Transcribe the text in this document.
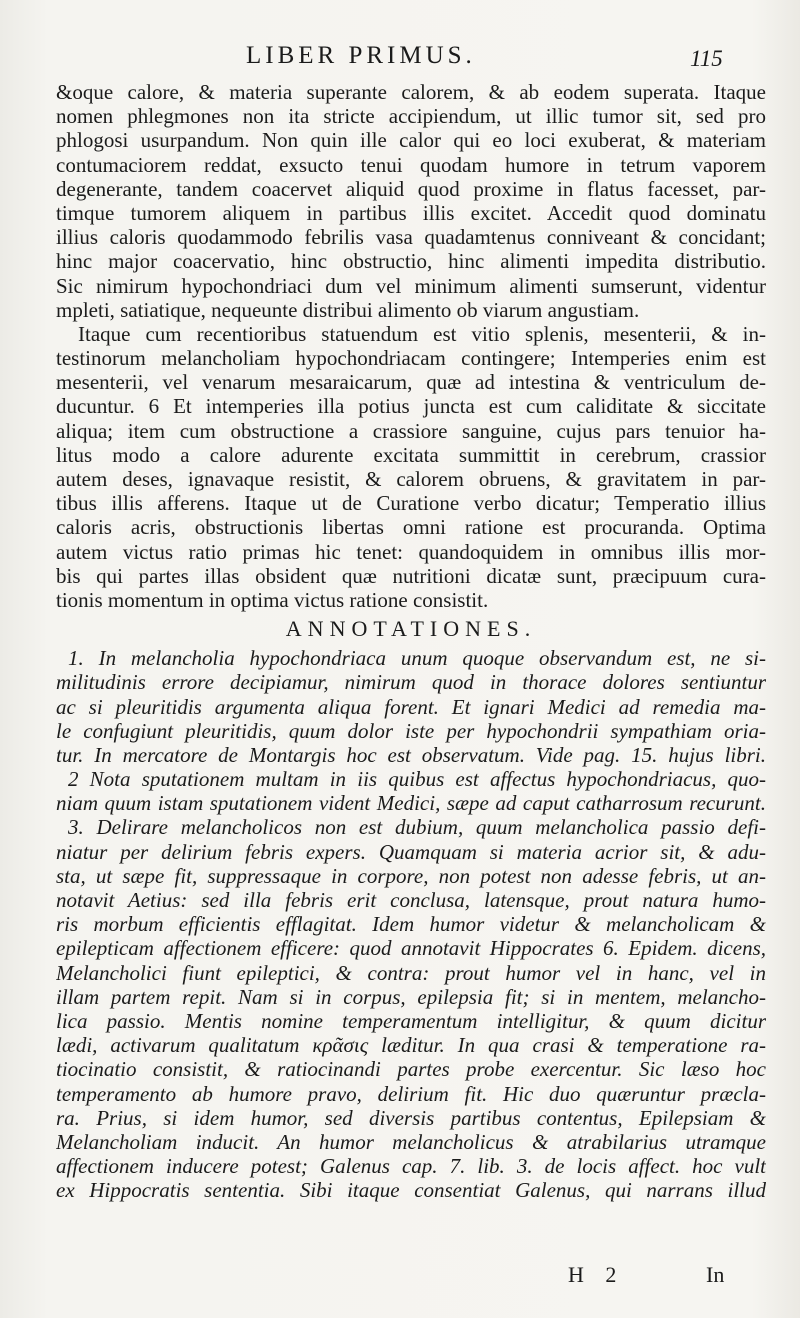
LIBER PRIMUS.	115
&oque calore, & materia superante calorem, & ab eodem superata. Itaque
nomen phlegmones non ita stricte accipiendum, ut illic tumor sit, sed pro
phlogosi usurpandum. Non quin ille calor qui eo loci exuberat, & materiam
contumaciorem reddat, exsucto tenui quodam humore in tetrum vaporem
degenerante, tandem coacervet aliquid quod proxime in flatus facesset, par-
timque tumorem aliquem in partibus illis excitet. Accedit quod dominatu
illius caloris quodammodo febrilis vasa quadamtenus conniveant & concidant;
hinc major coacervatio, hinc obstructio, hinc alimenti impedita distributio.
Sic nimirum hypochondriaci dum vel minimum alimenti sumserunt, videntur
mpleti, satiatique, nequeunte distribui alimento ob viarum angustiam.
Itaque cum recentioribus statuendum est vitio splenis, mesenterii, & in-
testinorum melancholiam hypochondriacam contingere; Intemperies enim est
mesenterii, vel venarum mesaraicarum, quæ ad intestina & ventriculum de-
ducuntur. 6 Et intemperies illa potius juncta est cum caliditate & siccitate
aliqua; item cum obstructione a crassiore sanguine, cujus pars tenuior ha-
litus modo a calore adurente excitata summittit in cerebrum, crassior
autem deses, ignavaque resistit, & calorem obruens, & gravitatem in par-
tibus illis afferens. Itaque ut de Curatione verbo dicatur; Temperatio illius
caloris acris, obstructionis libertas omni ratione est procuranda. Optima
autem victus ratio primas hic tenet: quandoquidem in omnibus illis mor-
bis qui partes illas obsident quæ nutritioni dicatæ sunt, præcipuum cura-
tionis momentum in optima victus ratione consistit.
ANNOTATIONES.
1. In melancholia hypochondriaca unum quoque observandum est, ne si-
militudinis errore decipiamur, nimirum quod in thorace dolores sentiuntur
ac si pleuritidis argumenta aliqua forent. Et ignari Medici ad remedia ma-
le confugiunt pleuritidis, quum dolor iste per hypochondrii sympathiam oria-
tur. In mercatore de Montargis hoc est observatum. Vide pag. 15. hujus libri.
2 Nota sputationem multam in iis quibus est affectus hypochondriacus, quo-
niam quum istam sputationem vident Medici, sæpe ad caput catharrosum recurunt.
3. Delirare melancholicos non est dubium, quum melancholica passio defi-
niatur per delirium febris expers. Quamquam si materia acrior sit, & adu-
sta, ut sæpe fit, suppressaque in corpore, non potest non adesse febris, ut an-
notavit Aetius: sed illa febris erit conclusa, latensque, prout natura humo-
ris morbum efficientis efflagitat. Idem humor videtur & melancholicam &
epilepticam affectionem efficere: quod annotavit Hippocrates 6. Epidem. dicens,
Melancholici fiunt epileptici, & contra: prout humor vel in hanc, vel in
illam partem repit. Nam si in corpus, epilepsia fit; si in mentem, melancho-
lica passio. Mentis nomine temperamentum intelligitur, & quum dicitur
lædi, activarum qualitatum κρᾶσις læditur. In qua crasi & temperatione ra-
tiocinatio consistit, & ratiocinandi partes probe exercentur. Sic læso hoc
temperamento ab humore pravo, delirium fit. Hic duo quæruntur præcla-
ra. Prius, si idem humor, sed diversis partibus contentus, Epilepsiam &
Melancholiam inducit. An humor melancholicus & atrabilarius utramque
affectionem inducere potest; Galenus cap. 7. lib. 3. de locis affect. hoc vult
ex Hippocratis sententia. Sibi itaque consentiat Galenus, qui narrans illud
H 2	In
